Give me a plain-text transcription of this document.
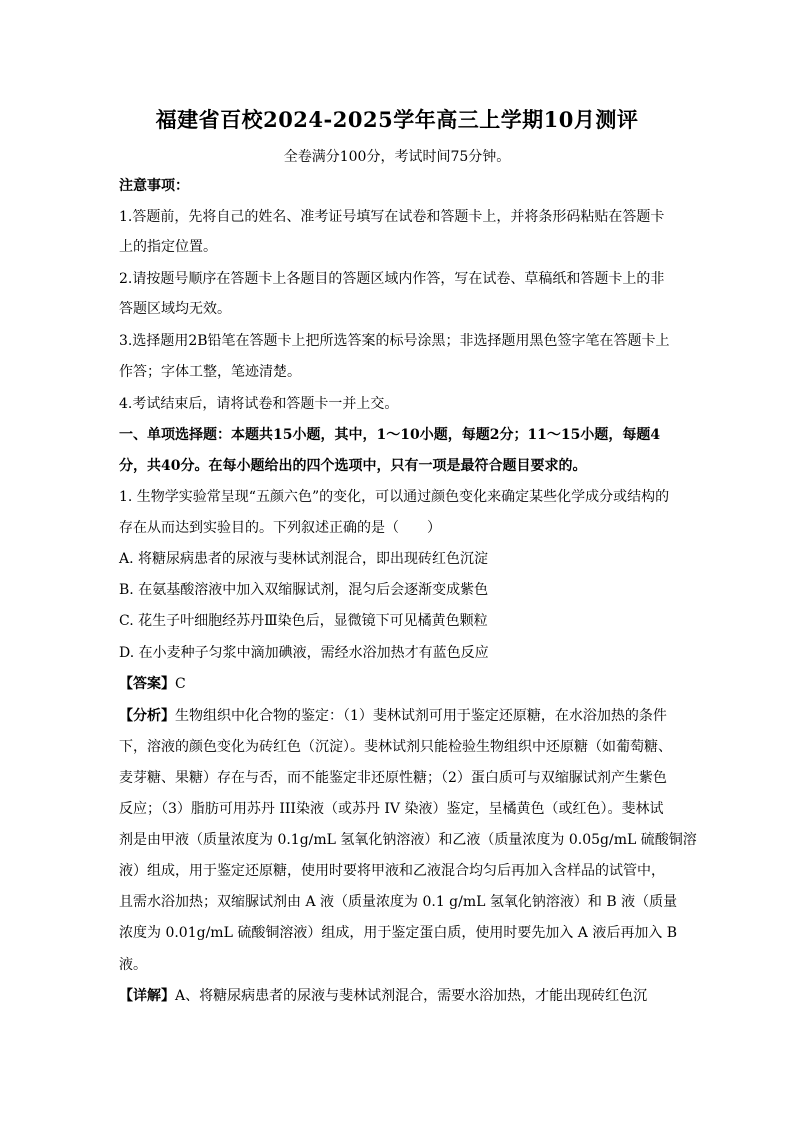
福建省百校2024-2025学年高三上学期10月测评
全卷满分100分，考试时间75分钟。
注意事项：
1.答题前，先将自己的姓名、准考证号填写在试卷和答题卡上，并将条形码粘贴在答题卡
上的指定位置。
2.请按题号顺序在答题卡上各题目的答题区域内作答，写在试卷、草稿纸和答题卡上的非
答题区域均无效。
3.选择题用2B铅笔在答题卡上把所选答案的标号涂黑；非选择题用黑色签字笔在答题卡上
作答；字体工整，笔迹清楚。
4.考试结束后，请将试卷和答题卡一并上交。
一、单项选择题：本题共15小题，其中，1～10小题，每题2分；11～15小题，每题4
分，共40分。在每小题给出的四个选项中，只有一项是最符合题目要求的。
1. 生物学实验常呈现“五颜六色”的变化，可以通过颜色变化来确定某些化学成分或结构的
存在从而达到实验目的。下列叙述正确的是（　　）
A. 将糖尿病患者的尿液与斐林试剂混合，即出现砖红色沉淀
B. 在氨基酸溶液中加入双缩脲试剂，混匀后会逐渐变成紫色
C. 花生子叶细胞经苏丹Ⅲ染色后，显微镜下可见橘黄色颗粒
D. 在小麦种子匀浆中滴加碘液，需经水浴加热才有蓝色反应
【答案】C
【分析】生物组织中化合物的鉴定：（1）斐林试剂可用于鉴定还原糖，在水浴加热的条件
下，溶液的颜色变化为砖红色（沉淀）。斐林试剂只能检验生物组织中还原糖（如葡萄糖、
麦芽糖、果糖）存在与否，而不能鉴定非还原性糖；（2）蛋白质可与双缩脲试剂产生紫色
反应；（3）脂肪可用苏丹 III染液（或苏丹 IV 染液）鉴定，呈橘黄色（或红色）。斐林试
剂是由甲液（质量浓度为 0.1g/mL 氢氧化钠溶液）和乙液（质量浓度为 0.05g/mL 硫酸铜溶
液）组成，用于鉴定还原糖，使用时要将甲液和乙液混合均匀后再加入含样品的试管中，
且需水浴加热；双缩脲试剂由 A 液（质量浓度为 0.1 g/mL 氢氧化钠溶液）和 B 液（质量
浓度为 0.01g/mL 硫酸铜溶液）组成，用于鉴定蛋白质，使用时要先加入 A 液后再加入 B
液。
【详解】A、将糖尿病患者的尿液与斐林试剂混合，需要水浴加热，才能出现砖红色沉
